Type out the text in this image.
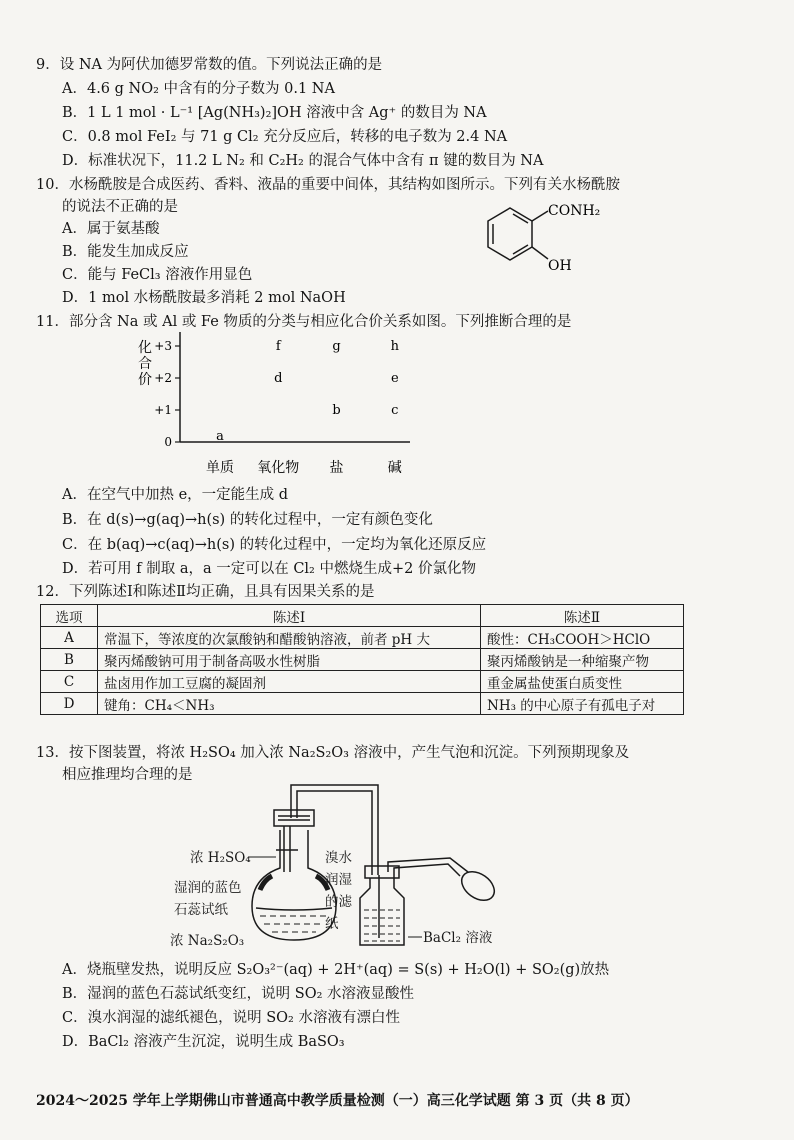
9．设 NA 为阿伏加德罗常数的值。下列说法正确的是
A．4.6 g NO₂ 中含有的分子数为 0.1 NA
B．1 L 1 mol · L⁻¹ [Ag(NH₃)₂]OH 溶液中含 Ag⁺ 的数目为 NA
C．0.8 mol FeI₂ 与 71 g Cl₂ 充分反应后，转移的电子数为 2.4 NA
D．标准状况下，11.2 L N₂ 和 C₂H₂ 的混合气体中含有 π 键的数目为 NA
10．水杨酰胺是合成医药、香料、液晶的重要中间体，其结构如图所示。下列有关水杨酰胺
的说法不正确的是
A．属于氨基酸
B．能发生加成反应
C．能与 FeCl₃ 溶液作用显色
D．1 mol 水杨酰胺最多消耗 2 mol NaOH
CONH₂
OH
11．部分含 Na 或 Al 或 Fe 物质的分类与相应化合价关系如图。下列推断合理的是
化合价
+3
+2
+1
0
单质 氧化物 盐	碱
a
f
d
g
b
h
e
c
A．在空气中加热 e，一定能生成 d
B．在 d(s)→g(aq)→h(s) 的转化过程中，一定有颜色变化
C．在 b(aq)→c(aq)→h(s) 的转化过程中，一定均为氧化还原反应
D．若可用 f 制取 a，a 一定可以在 Cl₂ 中燃烧生成+2 价氯化物
12．下列陈述Ⅰ和陈述Ⅱ均正确，且具有因果关系的是
选项	陈述Ⅰ	陈述Ⅱ
A	常温下，等浓度的次氯酸钠和醋酸钠溶液，前者 pH 大	酸性：CH₃COOH＞HClO
B	聚丙烯酸钠可用于制备高吸水性树脂	聚丙烯酸钠是一种缩聚产物
C	盐卤用作加工豆腐的凝固剂	重金属盐使蛋白质变性
D	键角：CH₄＜NH₃	NH₃ 的中心原子有孤电子对
13．按下图装置，将浓 H₂SO₄ 加入浓 Na₂S₂O₃ 溶液中，产生气泡和沉淀。下列预期现象及
相应推理均合理的是
浓 H₂SO₄
湿润的蓝色
石蕊试纸
浓 Na₂S₂O₃
溴水
润湿
的滤
纸
BaCl₂ 溶液
A．烧瓶壁发热，说明反应 S₂O₃²⁻(aq) + 2H⁺(aq) = S(s) + H₂O(l) + SO₂(g)放热
B．湿润的蓝色石蕊试纸变红，说明 SO₂ 水溶液显酸性
C．溴水润湿的滤纸褪色，说明 SO₂ 水溶液有漂白性
D．BaCl₂ 溶液产生沉淀，说明生成 BaSO₃
2024～2025 学年上学期佛山市普通高中教学质量检测（一）高三化学试题 第 3 页（共 8 页）
